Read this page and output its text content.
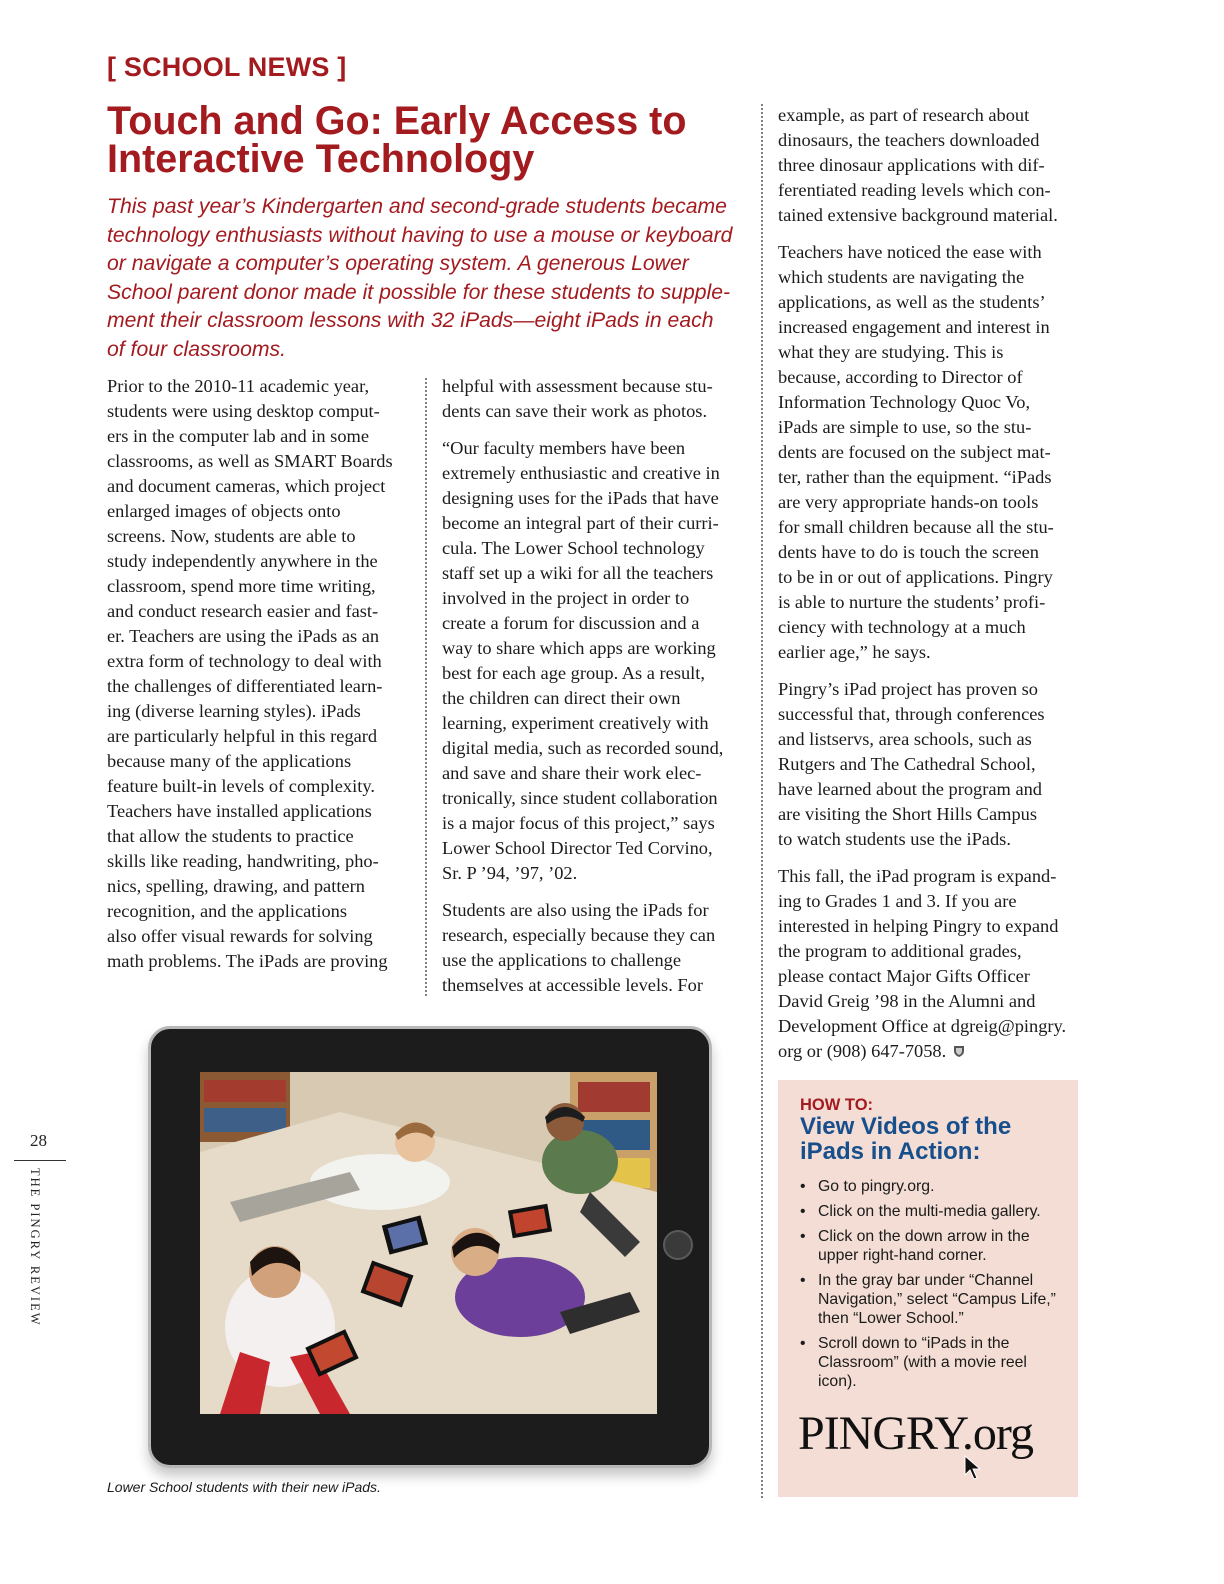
[ SCHOOL NEWS ]
Touch and Go: Early Access to
Interactive Technology
This past year’s Kindergarten and second-grade students became
technology enthusiasts without having to use a mouse or keyboard
or navigate a computer’s operating system. A generous Lower
School parent donor made it possible for these students to supple-
ment their classroom lessons with 32 iPads—eight iPads in each
of four classrooms.

Prior to the 2010-11 academic year,
students were using desktop comput-
ers in the computer lab and in some
classrooms, as well as SMART Boards
and document cameras, which project
enlarged images of objects onto
screens. Now, students are able to
study independently anywhere in the
classroom, spend more time writing,
and conduct research easier and fast-
er. Teachers are using the iPads as an
extra form of technology to deal with
the challenges of differentiated learn-
ing (diverse learning styles). iPads
are particularly helpful in this regard
because many of the applications
feature built-in levels of complexity.
Teachers have installed applications
that allow the students to practice
skills like reading, handwriting, pho-
nics, spelling, drawing, and pattern
recognition, and the applications
also offer visual rewards for solving
math problems. The iPads are proving

helpful with assessment because stu-
dents can save their work as photos.

“Our faculty members have been
extremely enthusiastic and creative in
designing uses for the iPads that have
become an integral part of their curri-
cula. The Lower School technology
staff set up a wiki for all the teachers
involved in the project in order to
create a forum for discussion and a
way to share which apps are working
best for each age group. As a result,
the children can direct their own
learning, experiment creatively with
digital media, such as recorded sound,
and save and share their work elec-
tronically, since student collaboration
is a major focus of this project,” says
Lower School Director Ted Corvino,
Sr. P ’94, ’97, ’02.

Students are also using the iPads for
research, especially because they can
use the applications to challenge
themselves at accessible levels. For

example, as part of research about
dinosaurs, the teachers downloaded
three dinosaur applications with dif-
ferentiated reading levels which con-
tained extensive background material.

Teachers have noticed the ease with
which students are navigating the
applications, as well as the students’
increased engagement and interest in
what they are studying. This is
because, according to Director of
Information Technology Quoc Vo,
iPads are simple to use, so the stu-
dents are focused on the subject mat-
ter, rather than the equipment. “iPads
are very appropriate hands-on tools
for small children because all the stu-
dents have to do is touch the screen
to be in or out of applications. Pingry
is able to nurture the students’ profi-
ciency with technology at a much
earlier age,” he says.

Pingry’s iPad project has proven so
successful that, through conferences
and listservs, area schools, such as
Rutgers and The Cathedral School,
have learned about the program and
are visiting the Short Hills Campus
to watch students use the iPads.

This fall, the iPad program is expand-
ing to Grades 1 and 3. If you are
interested in helping Pingry to expand
the program to additional grades,
please contact Major Gifts Officer
David Greig ’98 in the Alumni and
Development Office at dgreig@pingry.
org or (908) 647-7058.

Lower School students with their new iPads.
HOW TO:
View Videos of the
iPads in Action:
• Go to pingry.org.
• Click on the multi-media gallery.
• Click on the down arrow in the
upper right-hand corner.
• In the gray bar under “Channel
Navigation,” select “Campus Life,”
then “Lower School.”
• Scroll down to “iPads in the
Classroom” (with a movie reel
icon).
PINGRY.org
28
THE PINGRY REVIEW
